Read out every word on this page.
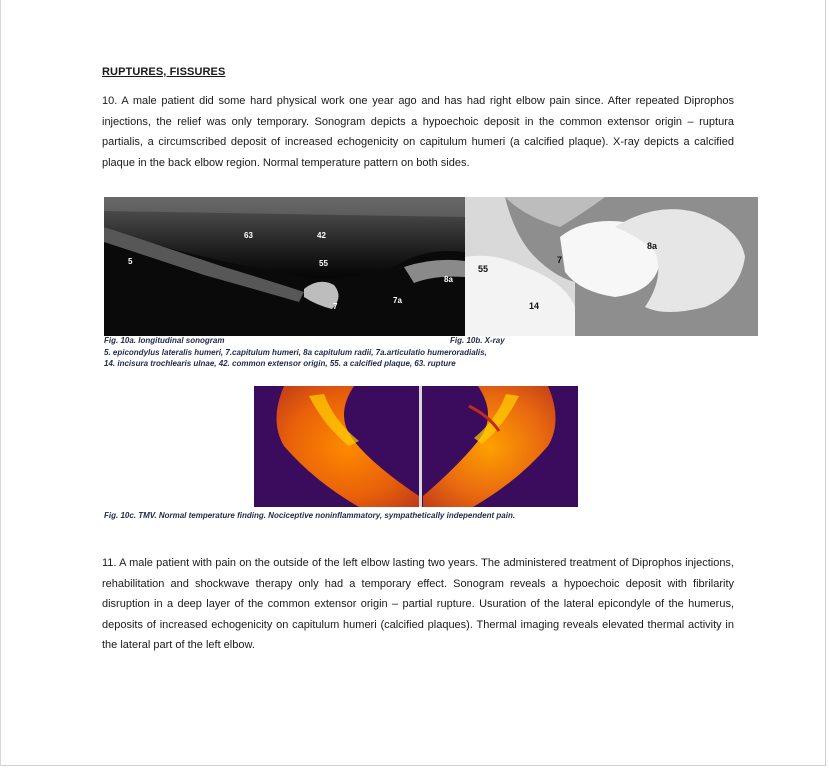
RUPTURES, FISSURES
10. A male patient did some hard physical work one year ago and has had right elbow pain since. After repeated Diprophos injections, the relief was only temporary. Sonogram depicts a hypoechoic deposit in the common extensor origin – ruptura partialis, a circumscribed deposit of increased echogenicity on capitulum humeri (a calcified plaque). X-ray depicts a calcified plaque in the back elbow region. Normal temperature pattern on both sides.
63	42
5	55
8a
7a
7
8a
7
55
14
Fig. 10a. longitudinal sonogram	Fig. 10b. X-ray
5. epicondylus lateralis humeri, 7.capitulum humeri, 8a capitulum radii, 7a.articulatio humeroradialis,
14. incisura trochlearis ulnae, 42. common extensor origin, 55. a calcified plaque, 63. rupture
Fig. 10c. TMV. Normal temperature finding. Nociceptive noninflammatory, sympathetically independent pain.
11. A male patient with pain on the outside of the left elbow lasting two years. The administered treatment of Diprophos injections, rehabilitation and shockwave therapy only had a temporary effect. Sonogram reveals a hypoechoic deposit with fibrilarity disruption in a deep layer of the common extensor origin – partial rupture. Usuration of the lateral epicondyle of the humerus, deposits of increased echogenicity on capitulum humeri (calcified plaques). Thermal imaging reveals elevated thermal activity in the lateral part of the left elbow.
